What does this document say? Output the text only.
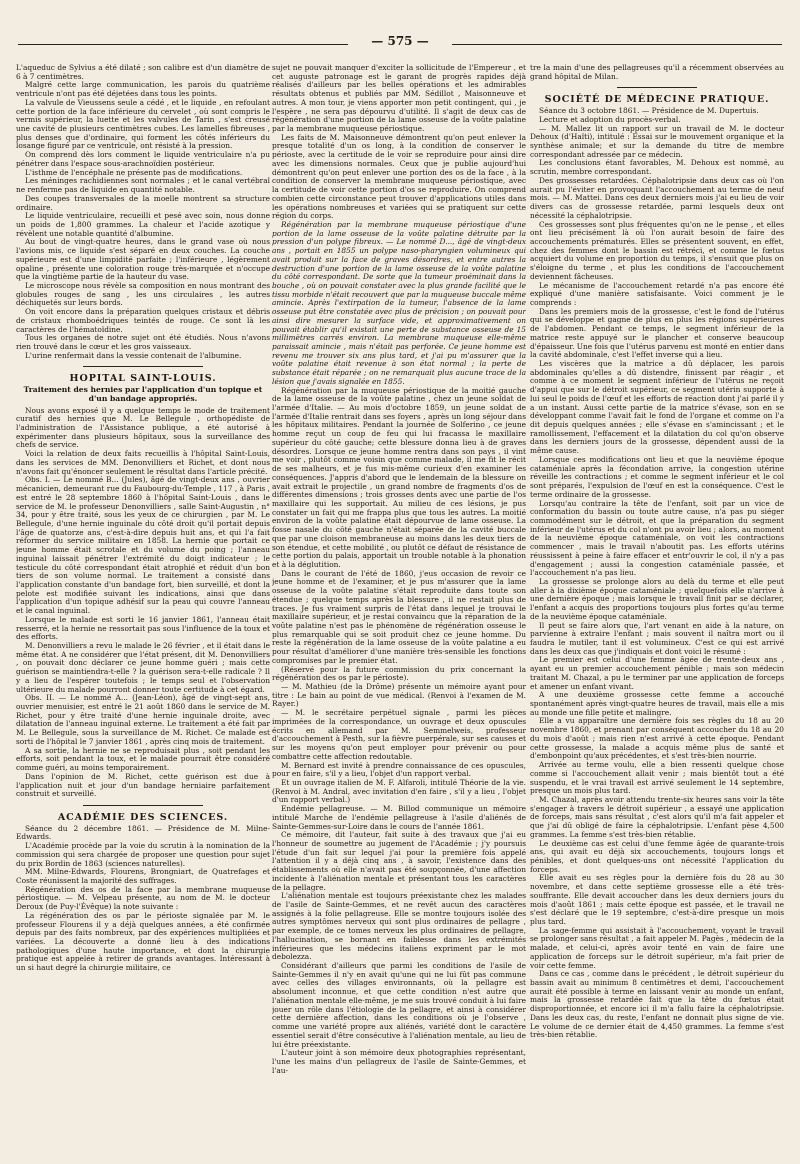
— 575 —

L'aqueduc de Sylvius a été dilaté ; son calibre est d'un diamètre de 6 à 7 centimètres.

Malgré cette large communication, les parois du quatrième ventricule n'ont pas été déjetées dans tous les points.

La valvule de Vieussens seule a cédé , et le liquide , en refoulant cette portion de la face inférieure du cervelet , où sont compris le vermis supérieur, la luette et les valvules de Tarin , s'est creusé une cavité de plusieurs centimètres cubes. Les lamelles fibreuses , plus denses que d'ordinaire, qui forment les côtés inférieurs du losange figuré par ce ventricule, ont résisté à la pression.

On comprend dès lors comment le liquide ventriculaire n'a pu pénétrer dans l'espace sous-arachnoïdien postérieur.

L'isthme de l'encéphale ne présente pas de modifications.

Les méninges rachidiennes sont normales ; et le canal vertébral ne renferme pas de liquide en quantité notable.

Des coupes transversales de la moelle montrent sa structure ordinaire.

Le liquide ventriculaire, recueilli et pesé avec soin, nous donne un poids de 1,800 grammes. La chaleur et l'acide azotique y révèlent une notable quantité d'albumine.

Au bout de vingt-quatre heures, dans le grand vase où nous l'avions mis, ce liquide s'est séparé en deux couches. La couche supérieure est d'une limpidité parfaite ; l'inférieure , légèrement opaline , présente une coloration rouge très-marquée et n'occupe que la vingtième partie de la hauteur du vase.

Le microscope nous révèle sa composition en nous montrant des globules rouges de sang , les uns circulaires , les autres déchiquetés sur leurs bords.

On voit encore dans la préparation quelques cristaux et débris de cristaux rhomboédriques teintés de rouge. Ce sont là les caractères de l'hématoïdine.

Tous les organes de notre sujet ont été étudiés. Nous n'avons rien trouvé dans le cœur et les gros vaisseaux.

L'urine renfermait dans la vessie contenait de l'albumine.

HOPITAL SAINT-LOUIS.
Traitement des hernies par l'application d'un topique et d'un bandage appropriés.

Nous avons exposé il y a quelque temps le mode de traitement curatif des hernies que M. Le Bellegule , orthopédiste de l'administration de l'Assistance publique, a été autorisé à expérimenter dans plusieurs hôpitaux, sous la surveillance des chefs de service.

Voici la relation de deux faits recueillis à l'hôpital Saint-Louis, dans les services de MM. Denonvilliers et Richet, et dont nous n'avons fait qu'énoncer seulement le résultat dans l'article précité.

Obs. I. — Le nommé B... (Jules), âgé de vingt-deux ans , ouvrier mécanicien, demeurant rue du Faubourg-du-Temple , 117 , à Paris , est entré le 28 septembre 1860 à l'hôpital Saint-Louis , dans le service de M. le professeur Denonvilliers , salle Saint-Augustin , n° 34, pour y être traité, sous les yeux de ce chirurgien , par M. Le Bellegule, d'une hernie inguinale du côté droit qu'il portait depuis l'âge de quatorze ans, c'est-à-dire depuis huit ans, et qui l'a fait réformer du service militaire en 1858. La hernie que portait ce jeune homme était scrotale et du volume du poing ; l'anneau inguinal laissait pénétrer l'extrémité du doigt indicateur ; le testicule du côté correspondant était atrophié et réduit d'un bon tiers de son volume normal. Le traitement a consisté dans l'application constante d'un bandage fort, bien surveillé, et dont la pelote est modifiée suivant les indications, ainsi que dans l'application d'un topique adhésif sur la peau qui couvre l'anneau et le canal inguinal.

Lorsque le malade est sorti le 16 janvier 1861, l'anneau était resserré, et la hernie ne ressortait pas sous l'influence de la toux et des efforts.

M. Denonvilliers a revu le malade le 26 février , et il était dans le même état. A ne considérer que l'état présent, dit M. Denonvilliers , on pouvait donc déclarer ce jeune homme guéri ; mais cette guérison se maintiendra-t-elle ? la guérison sera-t-elle radicale ? Il y a lieu de l'espérer toutefois ; le temps seul et l'observation ultérieure du malade pourront donner toute certitude à cet égard.

Obs. II. — Le nommé A... (Jean-Léon), âgé de vingt-sept ans, ouvrier menuisier, est entré le 21 août 1860 dans le service de M. Richet, pour y être traité d'une hernie inguinale droite, avec dilatation de l'anneau inguinal externe. Le traitement a été fait par M. Le Bellegule, sous la surveillance de M. Richet. Ce malade est sorti de l'hôpital le 7 janvier 1861 , après cinq mois de traitement.

A sa sortie, la hernie ne se reproduisait plus , soit pendant les efforts, soit pendant la toux, et le malade pourrait être considéré comme guéri, au moins temporairement.

Dans l'opinion de M. Richet, cette guérison est due à l'application nuit et jour d'un bandage herniaire parfaitement construit et surveillé.

ACADÉMIE DES SCIENCES.

Séance du 2 décembre 1861. — Présidence de M. Milne-Edwards.

L'Académie procède par la voie du scrutin à la nomination de la commission qui sera chargée de proposer une question pour sujet du prix Bordin de 1863 (sciences naturelles).

MM. Milne-Edwards, Flourens, Brongniart, de Quatrefages et Coste réunissent la majorité des suffrages.

Régénération des os de la face par la membrane muqueuse périostique. — M. Velpeau présente, au nom de M. le docteur Deroux (de Puy-l'Évêque) la note suivante :

La régénération des os par le périoste signalée par M. le professeur Flourens il y a déjà quelques années, a été confirmée depuis par des faits nombreux, par des expériences multipliées et variées. La découverte a donné lieu à des indications pathologiques d'une haute importance, et dont la chirurgie pratique est appelée à retirer de grands avantages. Intéressant à un si haut degré la chirurgie militaire, ce

sujet ne pouvait manquer d'exciter la sollicitude de l'Empereur , et cet auguste patronage est le garant de progrès rapides déjà réalisés d'ailleurs par les belles opérations et les admirables résultats obtenus et publiés par MM. Sédillot , Maisonneuve et autres. A mon tour, je viens apporter mon petit contingent, qui , je l'espère , ne sera pas dépourvu d'utilité. Il s'agit de deux cas de régénération d'une portion de la lame osseuse de la voûte palatine par la membrane muqueuse périostique.

Les faits de M. Maisonneuve démontrent qu'on peut enlever la presque totalité d'un os long, à la condition de conserver le périoste, avec la certitude de le voir se reproduire pour ainsi dire avec les dimensions normales. Ceux que je publie aujourd'hui démontrent qu'on peut enlever une portion des os de la face , à la condition de conserver la membrane muqueuse périostique, avec la certitude de voir cette portion d'os se reproduire. On comprend combien cette circonstance peut trouver d'applications utiles dans les opérations nombreuses et variées qui se pratiquent sur cette région du corps.

Régénération par la membrane muqueuse périostique d'une portion de la lame osseuse de la voûte palatine détruite par la pression d'un polype fibreux. — Le nommé D..., âgé de vingt-deux ans , portait en 1855 un polype naso-pharyngien volumineux qui avait produit sur la face de graves désordres, et entre autres la destruction d'une portion de la lame osseuse de la voûte palatine du côté correspondant. De sorte que la tumeur proéminait dans la bouche , où on pouvait constater avec la plus grande facilité que le tissu morbide n'était recouvert que par la muqueuse buccale même amincie. Après l'extirpation de la tumeur, l'absence de la lame osseuse put être constatée avec plus de précision ; on pouvait pour ainsi dire mesurer la surface vide, et approximativement on pouvait établir qu'il existait une perte de substance osseuse de 15 millimètres carrés environ. La membrane muqueuse elle-même paraissait amincie , mais n'était pas perforée. Ce jeune homme est revenu me trouver six ans plus tard, et j'ai pu m'assurer que la voûte palatine était revenue à son état normal ; la perte de substance était réparée ; on ne remarquait plus aucune trace de la lésion que j'avais signalée en 1855.

Régénération par la muqueuse périostique de la moitié gauche de la lame osseuse de la voûte palatine , chez un jeune soldat de l'armée d'Italie. — Au mois d'octobre 1859, un jeune soldat de l'armée d'Italie rentrait dans ses foyers , après un long séjour dans les hôpitaux militaires. Pendant la journée de Solferino , ce jeune homme reçut un coup de feu qui lui fracassa le maxillaire supérieur du côté gauche; cette blessure donna lieu à de graves désordres. Lorsque ce jeune homme rentra dans son pays , il vint me voir , plutôt comme voisin que comme malade, il me fit le récit de ses malheurs, et je fus mis-même curieux d'en examiner les conséquences. J'appris d'abord que le lendemain de la blessure on avait extrait le projectile , un grand nombre de fragments d'os de différentes dimensions ; trois grosses dents avec une partie de l'os maxillaire qui les supportait. Au milieu de ces lésions, je pus constater un fait qui me frappa plus que tous les autres. La moitié environ de la voûte palatine était dépourvue de lame osseuse. La fosse nasale du côté gauche n'était séparée de la cavité buccale que par une cloison membraneuse au moins dans les deux tiers de son étendue, et cette mobilité , ou plutôt ce défaut de résistance de cette portion du palais, apportait un trouble notable à la phonation et à la déglutition.

Dans le courant de l'été de 1860, j'eus occasion de revoir ce jeune homme et de l'examiner, et je pus m'assurer que la lame osseuse de la voûte palatine s'était reproduite dans toute son étendue ; quelque temps après la blessure , il ne restait plus de traces. Je fus vraiment surpris de l'état dans lequel je trouvai le maxillaire supérieur, et je restai convaincu que la réparation de la voûte palatine n'est pas le phénomène de régénération osseuse le plus remarquable qui se soit produit chez ce jeune homme. Du reste la régénération de la lame osseuse de la voûte palatine a eu pour résultat d'améliorer d'une manière très-sensible les fonctions compromises par le premier état.

(Réservé pour la future commission du prix concernant la régénération des os par le périoste).

— M. Mathieu (de la Drôme) présente un mémoire ayant pour titre : Le bain au point de vue médical. (Renvoi à l'examen de M. Rayer.)

— M. le secrétaire perpétuel signale , parmi les pièces imprimées de la correspondance, un ouvrage et deux opuscules écrits en allemand par M. Semmelweis, professeur d'accouchement à Pesth, sur la fièvre puerpérale, sur ses causes et sur les moyens qu'on peut employer pour prévenir ou pour combattre cette affection redoutable.

M. Bernard est invité à prendre connaissance de ces opuscules, pour en faire, s'il y a lieu, l'objet d'un rapport verbal.

Et un ouvrage italien de M. F. Alfaroli, intitulé Théorie de la vie. (Renvoi à M. Andral, avec invitation d'en faire , s'il y a lieu , l'objet d'un rapport verbal.)

Endémie pellagreuse. — M. Billod communique un mémoire intitulé Marche de l'endémie pellagreuse à l'asile d'aliénés de Sainte-Gemmes-sur-Loire dans le cours de l'année 1861.

Ce mémoire, dit l'auteur, fait suite à des travaux que j'ai eu l'honneur de soumettre au jugement de l'Académie ; j'y poursuis l'étude d'un fait sur lequel j'ai pour la première fois appelé l'attention il y a déjà cinq ans , à savoir, l'existence dans des établissements où elle n'avait pas été soupçonnée, d'une affection incidente à l'aliénation mentale et présentant tous les caractères de la pellagre.

L'aliénation mentale est toujours préexistante chez les malades de l'asile de Sainte-Gemmes, et ne revêt aucun des caractères assignés à la folie pellagreuse. Elle se montre toujours isolée des autres symptômes nerveux qui sont plus ordinaires de pellagre , par exemple, de ce tomes nerveux les plus ordinaires de pellagre, l'hallucination, se bornant en faiblesse dans les extrémités inférieures que les médecins italiens expriment par le mot debolezza.

Considérant d'ailleurs que parmi les conditions de l'asile de Sainte-Gemmes il n'y en avait qu'une qui ne lui fût pas commune avec celles des villages environnants, où la pellagre est absolument inconnue, et que cette condition n'est autre que l'aliénation mentale elle-même, je me suis trouvé conduit à lui faire jouer un rôle dans l'étiologie de la pellagre, et ainsi à considérer cette dernière affection, dans les conditions où je l'observe , comme une variété propre aux aliénés, variété dont le caractère essentiel serait d'être consécutive à l'aliénation mentale, au lieu de lui être préexistante.

L'auteur joint à son mémoire deux photographies représentant, l'une les mains d'un pellagreux de l'asile de Sainte-Gemmes, et l'au-

tre la main d'une des pellagreuses qu'il a récemment observées au grand hôpital de Milan.

SOCIÉTÉ DE MÉDECINE PRATIQUE.

Séance du 3 octobre 1861. — Présidence de M. Dupertuis.

Lecture et adoption du procès-verbal.

— M. Mallez lit un rapport sur un travail de M. le docteur Dehoux (d'Haïti), intitulé : Essai sur le mouvement organique et la synthèse animale; et sur la demande du titre de membre correspondant adressée par ce médecin.

Les conclusions étant favorables, M. Dehoux est nommé, au scrutin, membre correspondant.

Des grossesses retardées. Céphalotripsie dans deux cas où l'on aurait pu l'éviter en provoquant l'accouchement au terme de neuf mois. — M. Mattei. Dans ces deux derniers mois j'ai eu lieu de voir divers cas de grossesse retardée, parmi lesquels deux ont nécessité la céphalotripsie.

Ces grossesses sont plus fréquentes qu'on ne le pense , et elles ont lieu précisément là où l'on aurait besoin de faire des accouchements prématurés. Elles se présentent souvent, en effet, chez des femmes dont le bassin est rétréci, et comme le fœtus acquiert du volume en proportion du temps, il s'ensuit que plus on s'éloigne du terme , et plus les conditions de l'accouchement deviennent fâcheuses.

Le mécanisme de l'accouchement retardé n'a pas encore été expliqué d'une manière satisfaisante. Voici comment je le comprends :

Dans les premiers mois de la grossesse, c'est le fond de l'utérus qui se développe et gagne de plus en plus les régions supérieures de l'abdomen. Pendant ce temps, le segment inférieur de la matrice reste appuyé sur le plancher et conserve beaucoup d'épaisseur. Une fois que l'utérus parvenu est monté en entier dans la cavité abdominale, c'est l'effet inverse qui a lieu.

Les viscères que la matrice a dû déplacer, les parois abdominales qu'elles a dû distendre, finissent par réagir , et comme à ce moment le segment inférieur de l'utérus ne reçoit d'appui que sur le détroit supérieur, ce segment utérin supporte à lui seul le poids de l'œuf et les efforts de réaction dont j'ai parlé il y a un instant. Aussi cette partie de la matrice s'évase, son en se développant comme l'avait fait le fond de l'organe et comme on l'a dit depuis quelques années ; elle s'évase en s'amincissant ; et le ramollissement, l'effacement et la dilatation du col qu'on observe dans les derniers jours de la grossesse, dépendent aussi de la même cause.

Lorsque ces modifications ont lieu et que la neuvième époque cataméniale après la fécondation arrive, la congestion utérine réveille les contractions ; et comme le segment inférieur et le col sont préparés, l'expulsion de l'œuf en est la conséquence. C'est le terme ordinaire de la grossesse.

Lorsqu'au contraire la tête de l'enfant, soit par un vice de conformation du bassin ou toute autre cause, n'a pas pu siéger commodément sur le détroit, et que la préparation du segment inférieur de l'utérus et du col n'ont pu avoir lieu ; alors, au moment de la neuvième époque cataméniale, on voit les contractions commencer , mais le travail n'aboutit pas. Les efforts utérins réussissent à peine à faire effacer et entr'ouvrir le col, il n'y a pas d'engagement ; aussi la congestion cataméniale passée, et l'accouchement n'a pas lieu.

La grossesse se prolonge alors au delà du terme et elle peut aller à la dixième époque cataméniale ; quelquefois elle n'arrive à une dernière époque ; mais lorsque le travail finit par se déclarer, l'enfant a acquis des proportions toujours plus fortes qu'au terme de la neuvième époque cataméniale.

Il peut se faire alors que, l'art venant en aide à la nature, on parvienne à extraire l'enfant ; mais souvent il naîtra mort ou il faudra le mutiler, tant il est volumineux. C'est ce qui est arrivé dans les deux cas que j'indiquais et dont voici le résumé :

Le premier est celui d'une femme âgée de trente-deux ans , ayant eu un premier accouchement pénible ; mais son médecin traitant M. Chazal, a pu le terminer par une application de forceps et amener un enfant vivant.

A une deuxième grossesse cette femme a accouché spontanément après vingt-quatre heures de travail, mais elle a mis au monde une fille petite et malingre.

Elle a vu apparaître une dernière fois ses règles du 18 au 20 novembre 1860, et prenant par conséquent accoucher du 18 au 20 du mois d'août ; mais rien n'est arrivé à cette époque. Pendant cette grossesse, la malade a acquis même plus de santé et d'embonpoint qu'aux précédentes, et s'est très-bien nourrie.

Arrivée au terme voulu, elle a bien ressenti quelque chose comme si l'accouchement allait venir ; mais bientôt tout a été suspendu, et le vrai travail est arrivé seulement le 14 septembre, presque un mois plus tard.

M. Chazal, après avoir attendu trente-six heures sans voir la tête s'engager à travers le détroit supérieur , a essayé une application de forceps, mais sans résultat , c'est alors qu'il m'a fait appeler et que j'ai dû obligé de faire la céphalotripsie. L'enfant pèse 4,500 grammes. La femme s'est très-bien rétablie.

Le deuxième cas est celui d'une femme âgée de quarante-trois ans, qui avait eu déjà six accouchements, toujours longs et pénibles, et dont quelques-uns ont nécessité l'application du forceps.

Elle avait eu ses règles pour la dernière fois du 28 au 30 novembre, et dans cette septième grossesse elle a été très-souffrante. Elle devait accoucher dans les deux derniers jours du mois d'août 1861 ; mais cette époque est passée, et le travail ne s'est déclaré que le 19 septembre, c'est-à-dire presque un mois plus tard.

La sage-femme qui assistait à l'accouchement, voyant le travail se prolonger sans résultat , a fait appeler M. Pagès , médecin de la malade, et celui-ci, après avoir tenté en vain de faire une application de forceps sur le détroit supérieur, m'a fait prier de voir cette femme.

Dans ce cas , comme dans le précédent , le détroit supérieur du bassin avait au minimum 8 centimètres et demi, l'accouchement aurait été possible à terme en laissant venir au monde un enfant, mais la grossesse retardée fait que la tête du fœtus était disproportionnée, et encore ici il m'a fallu faire la céphalotripsie. Dans les deux cas, du reste, l'enfant ne donnait plus signe de vie. Le volume de ce dernier était de 4,450 grammes. La femme s'est très-bien rétablie.
